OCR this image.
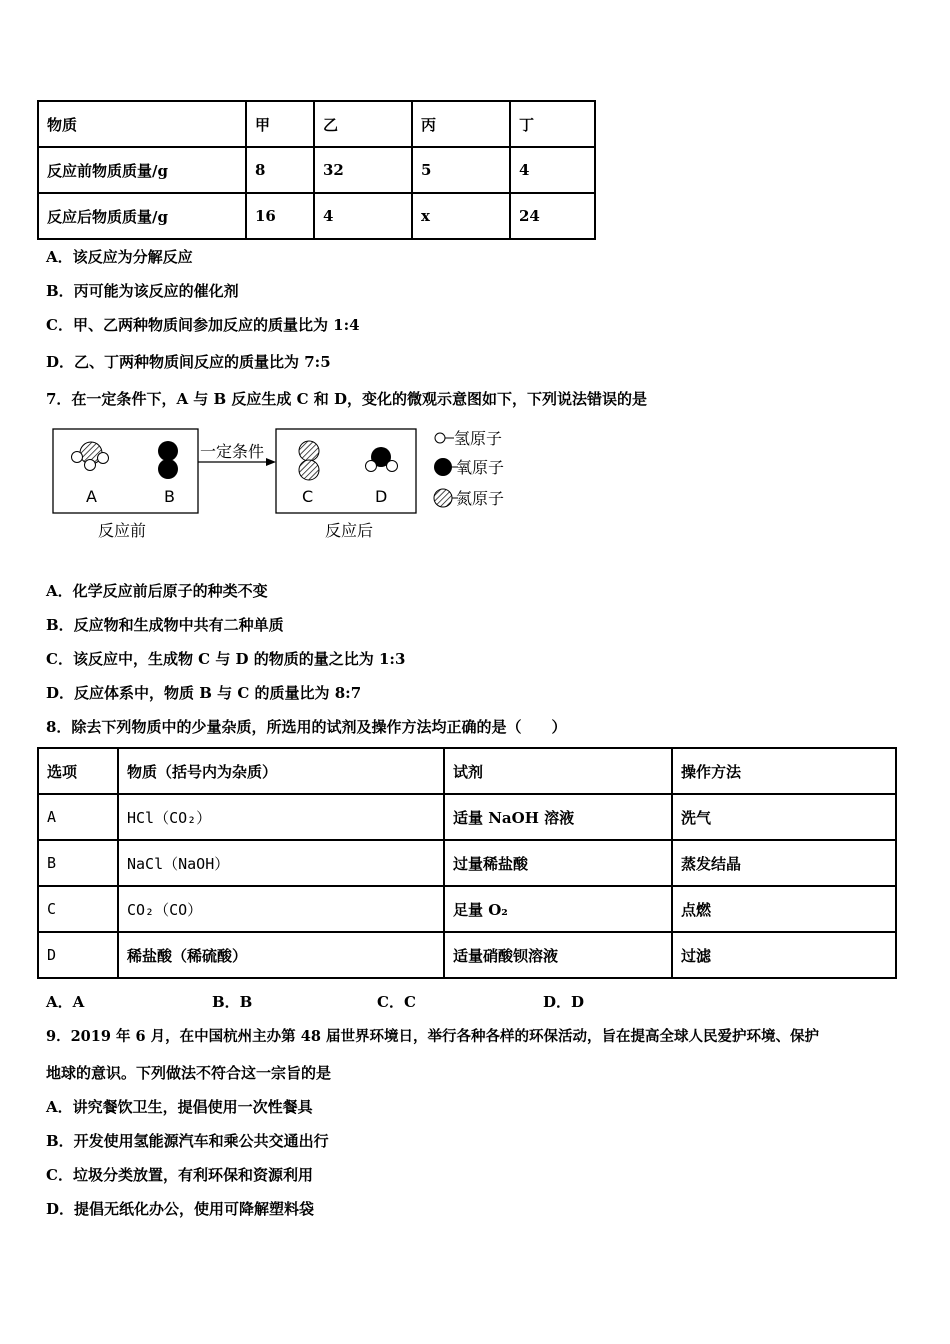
物质	甲	乙	丙	丁
反应前物质质量/g	8	32	5	4
反应后物质质量/g	16	4	x	24
A．该反应为分解反应
B．丙可能为该反应的催化剂
C．甲、乙两种物质间参加反应的质量比为 1:4
D．乙、丁两种物质间反应的质量比为 7:5
7．在一定条件下，A 与 B 反应生成 C 和 D，变化的微观示意图如下，下列说法错误的是
A	B
一定条件
C	D
反应前	反应后
氢原子
氧原子
氮原子
A．化学反应前后原子的种类不变
B．反应物和生成物中共有二种单质
C．该反应中，生成物 C 与 D 的物质的量之比为 1:3
D．反应体系中，物质 B 与 C 的质量比为 8:7
8．除去下列物质中的少量杂质，所选用的试剂及操作方法均正确的是（　　）
选项	物质（括号内为杂质）	试剂	操作方法
A	HCl（CO₂）	适量 NaOH 溶液	洗气
B	NaCl（NaOH）	过量稀盐酸	蒸发结晶
C	CO₂（CO）	足量 O₂	点燃
D	稀盐酸（稀硫酸）	适量硝酸钡溶液	过滤
A．A	B．B	C．C	D．D
9．2019 年 6 月，在中国杭州主办第 48 届世界环境日，举行各种各样的环保活动，旨在提高全球人民爱护环境、保护
地球的意识。下列做法不符合这一宗旨的是
A．讲究餐饮卫生，提倡使用一次性餐具
B．开发使用氢能源汽车和乘公共交通出行
C．垃圾分类放置，有利环保和资源利用
D．提倡无纸化办公，使用可降解塑料袋
